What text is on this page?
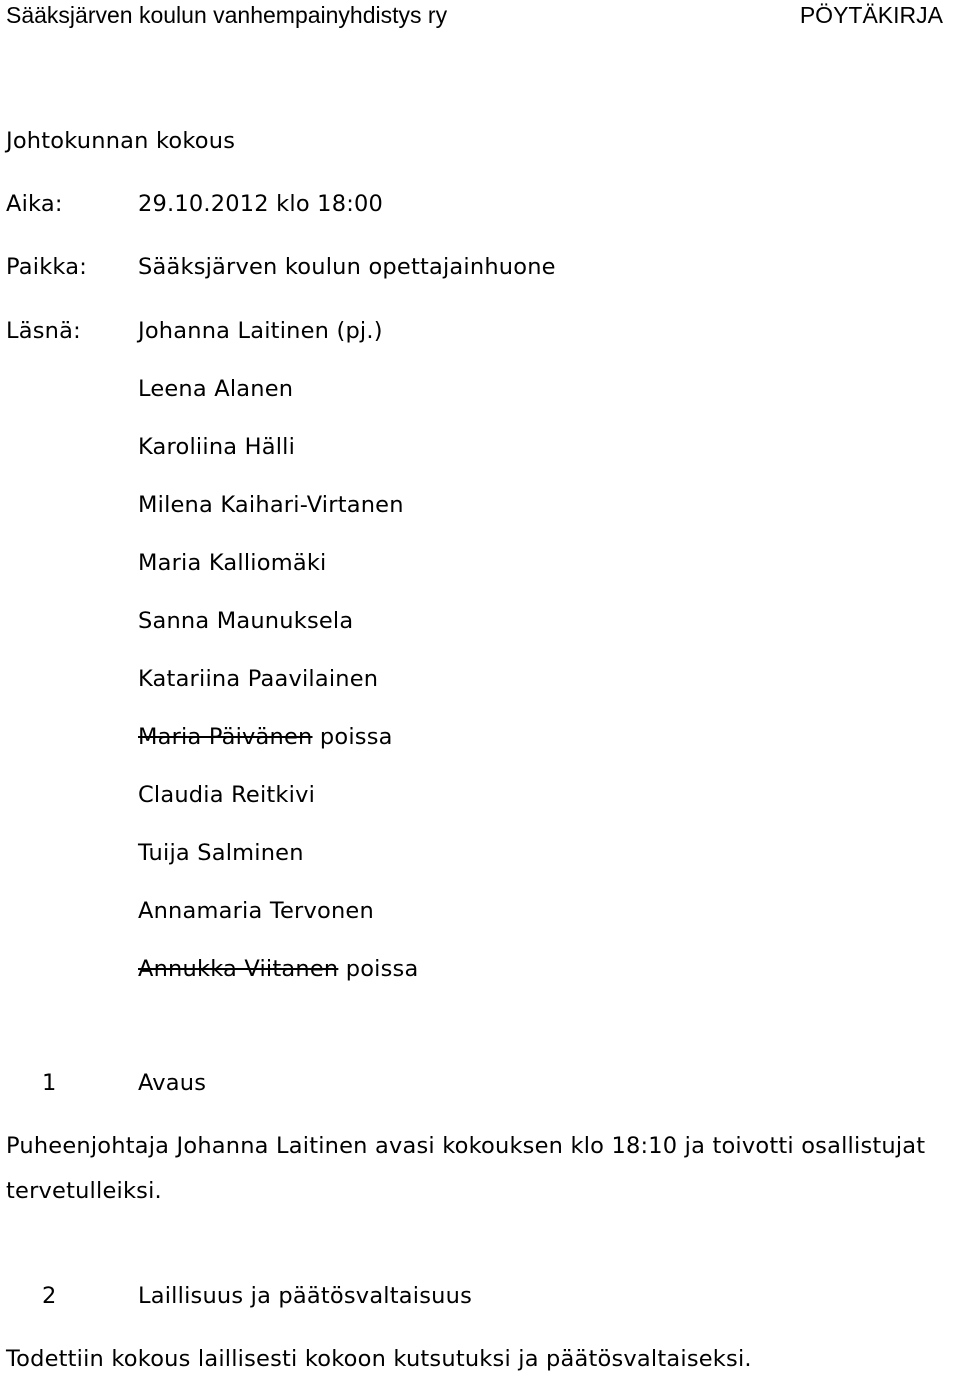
Sääksjärven koulun vanhempainyhdistys ry	PÖYTÄKIRJA
Johtokunnan kokous
Aika:	29.10.2012 klo 18:00
Paikka: Sääksjärven koulun opettajainhuone
Läsnä:	Johanna Laitinen (pj.)
Leena Alanen
Karoliina Hälli
Milena Kaihari-Virtanen
Maria Kalliomäki
Sanna Maunuksela
Katariina Paavilainen
Maria Päivänen poissa
Claudia Reitkivi
Tuija Salminen
Annamaria Tervonen
Annukka Viitanen poissa
1	Avaus
Puheenjohtaja Johanna Laitinen avasi kokouksen klo 18:10 ja toivotti osallistujat
tervetulleiksi.
2	Laillisuus ja päätösvaltaisuus
Todettiin kokous laillisesti kokoon kutsutuksi ja päätösvaltaiseksi.
